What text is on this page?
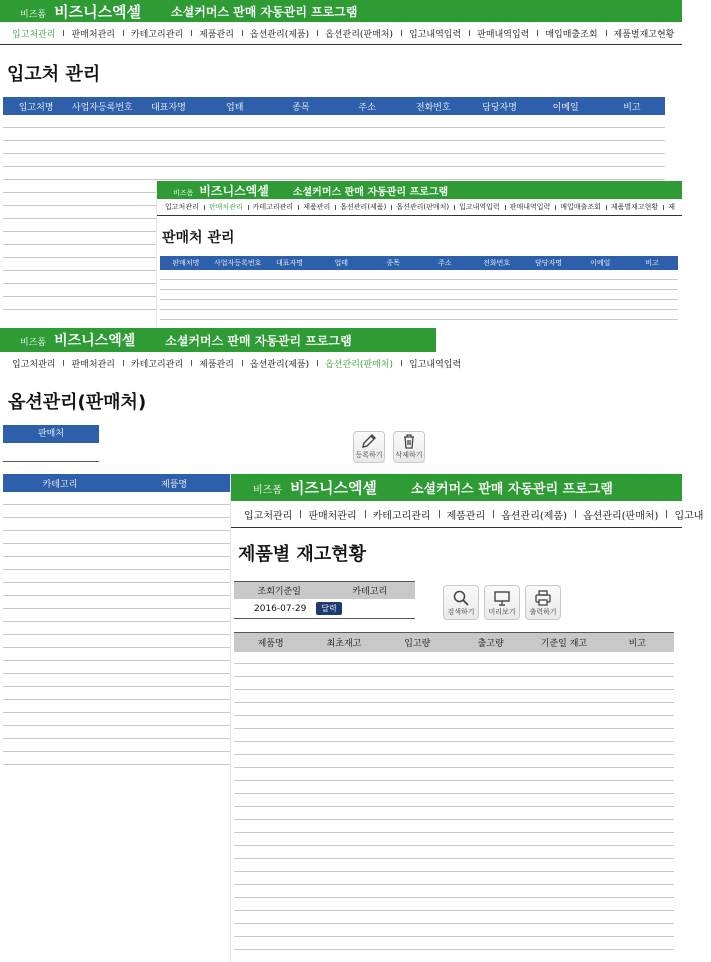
비즈폼 비즈니스엑셀	소셜커머스 판매 자동관리 프로그램
입고처관리	판매처관리	카테고리관리	제품관리	옵션관리(제품)	옵션관리(판매처)	입고내역입력	판매내역입력	매입매출조회	제품별재고현황
입고처 관리
입고처명	사업자등록번호	대표자명	업태	종목	주소	전화번호	담당자명	이메일	비고
비즈폼 비즈니스엑셀 소셜커머스 판매 자동관리 프로그램
입고처관리	판매처관리	카테고리관리	제품관리	옵션관리(제품)	옵션관리(판매처)	입고내역입력	판매내역입력	매입매출조회	제품별재고현황	제
판매처 관리
판매처명	사업자등록번호	대표자명	업태	종목	주소	전화번호	담당자명	이메일	비고
비즈폼 비즈니스엑셀	소셜커머스 판매 자동관리 프로그램
입고처관리	판매처관리	카테고리관리	제품관리	옵션관리(제품)	옵션관리(판매처)	입고내역입력
옵션관리(판매처)
판매처
등록하기 삭제하기
카테고리	제품명
비즈폼 비즈니스엑셀	소셜커머스 판매 자동관리 프로그램
입고처관리	판매처관리	카테고리관리	제품관리	옵션관리(제품)	옵션관리(판매처)	입고내
제품별 재고현황
조회기준일	카테고리
2016-07-29	달력	검색하기 미리보기 출력하기
제품명	최초재고	입고량	출고량	기준일 재고	비고
